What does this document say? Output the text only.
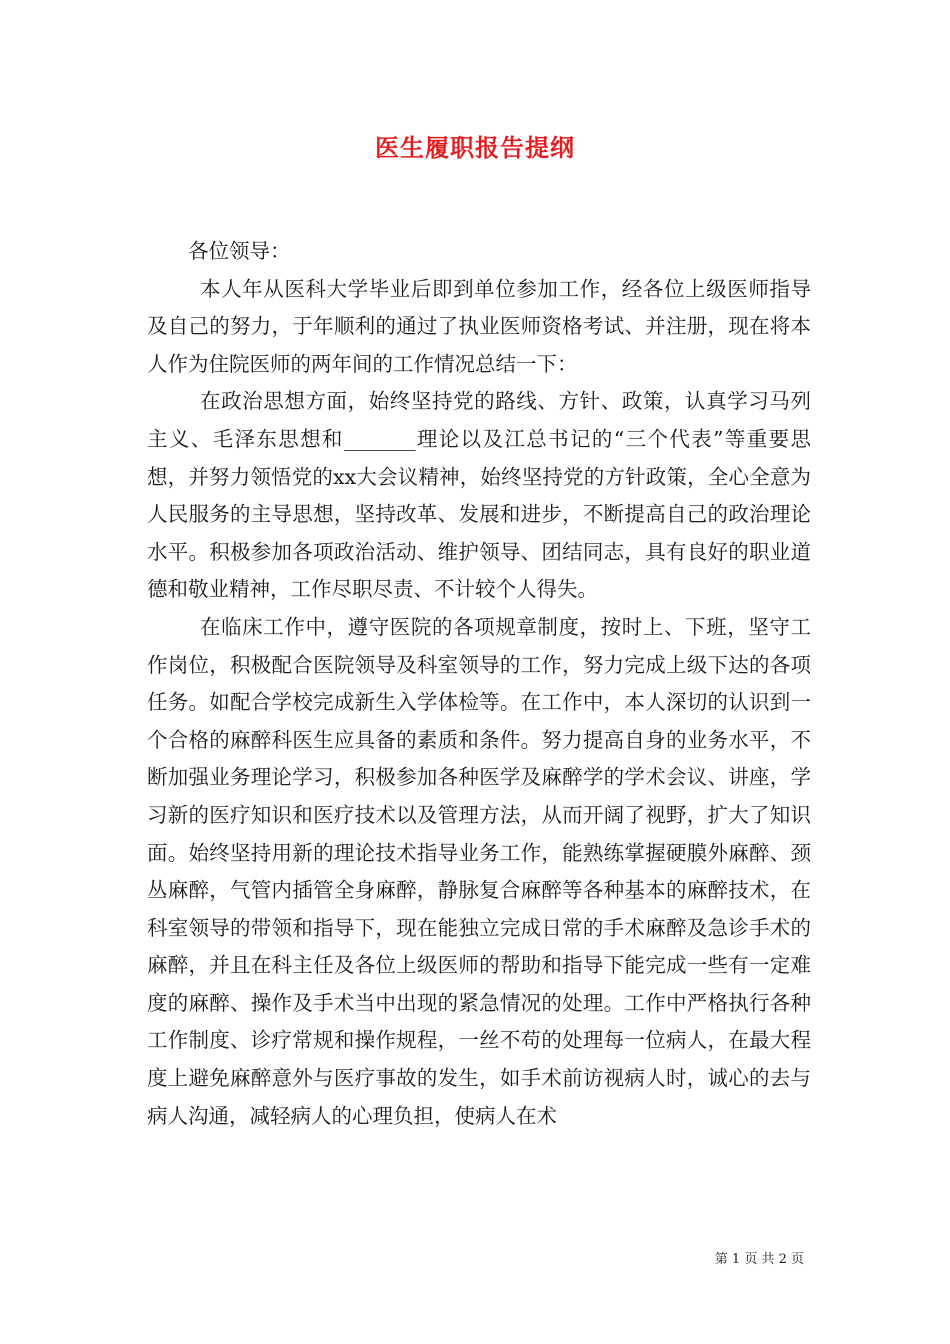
医生履职报告提纲

各位领导：

本人年从医科大学毕业后即到单位参加工作，经各位上级医师指导及自己的努力，于年顺利的通过了执业医师资格考试、并注册，现在将本人作为住院医师的两年间的工作情况总结一下：

在政治思想方面，始终坚持党的路线、方针、政策，认真学习马列主义、毛泽东思想和_______理论以及江总书记的“三个代表”等重要思想，并努力领悟党的xx大会议精神，始终坚持党的方针政策，全心全意为人民服务的主导思想，坚持改革、发展和进步，不断提高自己的政治理论水平。积极参加各项政治活动、维护领导、团结同志，具有良好的职业道德和敬业精神，工作尽职尽责、不计较个人得失。

在临床工作中，遵守医院的各项规章制度，按时上、下班，坚守工作岗位，积极配合医院领导及科室领导的工作，努力完成上级下达的各项任务。如配合学校完成新生入学体检等。在工作中，本人深切的认识到一个合格的麻醉科医生应具备的素质和条件。努力提高自身的业务水平，不断加强业务理论学习，积极参加各种医学及麻醉学的学术会议、讲座，学习新的医疗知识和医疗技术以及管理方法，从而开阔了视野，扩大了知识面。始终坚持用新的理论技术指导业务工作，能熟练掌握硬膜外麻醉、颈丛麻醉，气管内插管全身麻醉，静脉复合麻醉等各种基本的麻醉技术，在科室领导的带领和指导下，现在能独立完成日常的手术麻醉及急诊手术的麻醉，并且在科主任及各位上级医师的帮助和指导下能完成一些有一定难度的麻醉、操作及手术当中出现的紧急情况的处理。工作中严格执行各种工作制度、诊疗常规和操作规程，一丝不苟的处理每一位病人，在最大程度上避免麻醉意外与医疗事故的发生，如手术前访视病人时，诚心的去与病人沟通，减轻病人的心理负担，使病人在术

第 1 页 共 2 页
